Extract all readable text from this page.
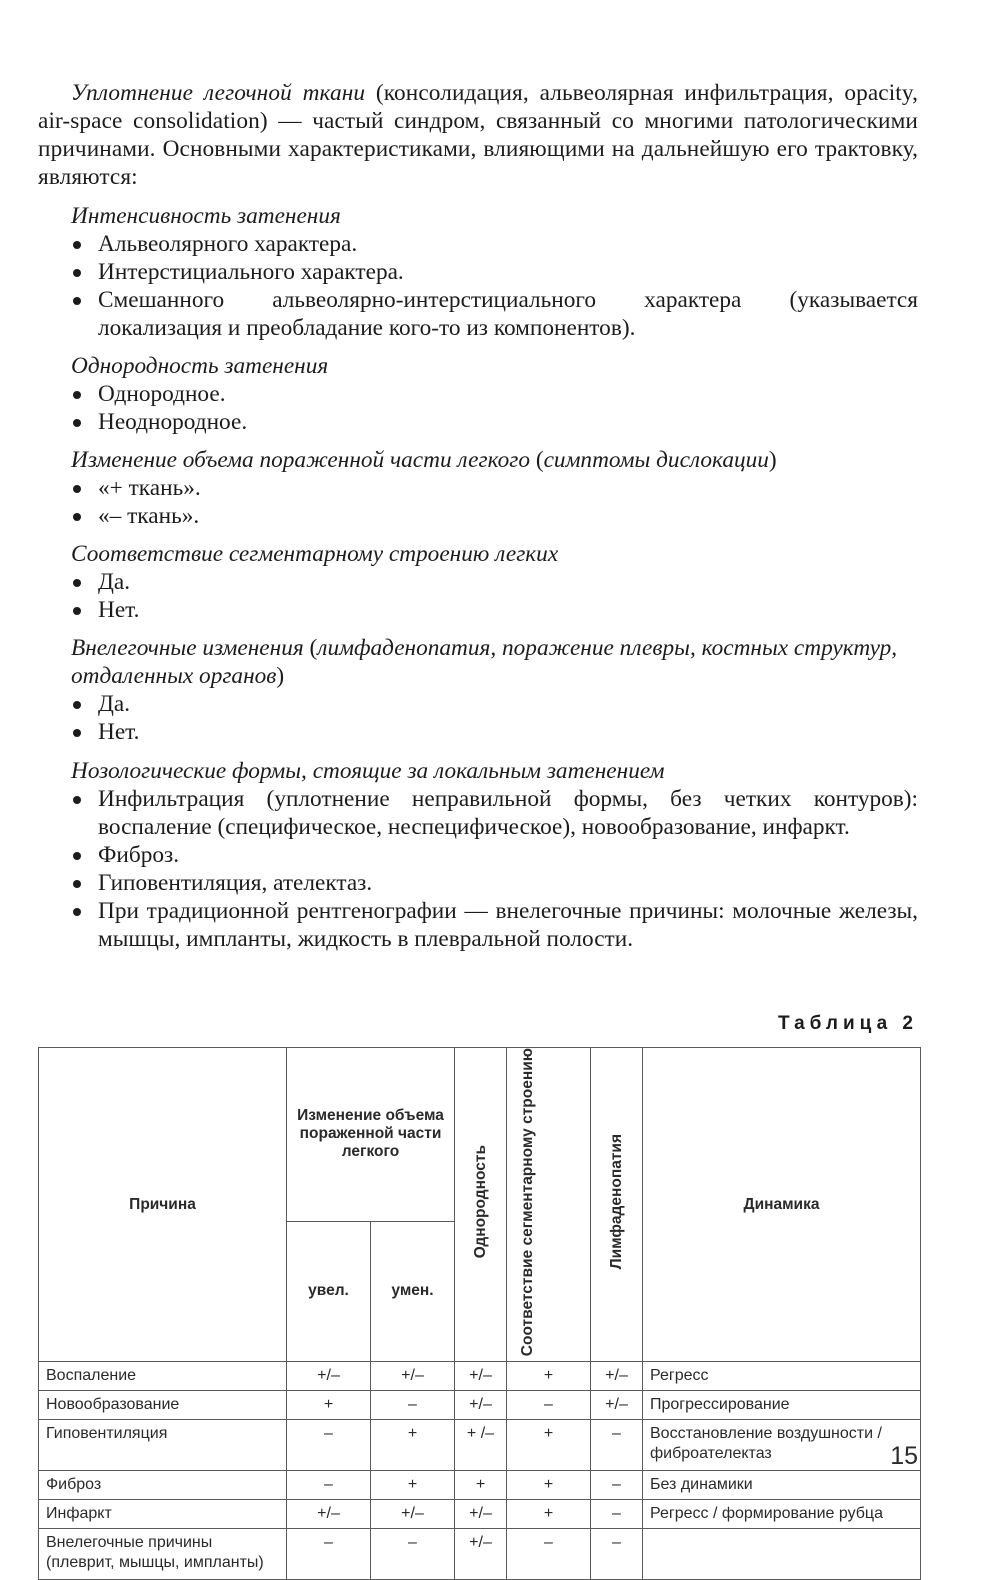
Уплотнение легочной ткани (консолидация, альвеолярная инфильтрация, opacity, air-space consolidation) — частый синдром, связанный со многими патологическими причинами. Основными характеристиками, влияющими на дальнейшую его трактовку, являются:

Интенсивность затенения
Альвеолярного характера.
Интерстициального характера.
Смешанного альвеолярно-интерстициального характера (указывается локализация и преобладание кого-то из компонентов).
Однородность затенения
Однородное.
Неоднородное.
Изменение объема пораженной части легкого (симптомы дислокации)
«+ ткань».
«– ткань».
Соответствие сегментарному строению легких
Да.
Нет.
Внелегочные изменения (лимфаденопатия, поражение плевры, костных структур, отдаленных органов)
Да.
Нет.
Нозологические формы, стоящие за локальным затенением
Инфильтрация (уплотнение неправильной формы, без четких контуров): воспаление (специфическое, неспецифическое), новообразование, инфаркт.
Фиброз.
Гиповентиляция, ателектаз.
При традиционной рентгенографии — внелегочные причины: молочные железы, мышцы, импланты, жидкость в плевральной полости.
Таблица 2
Причина	Изменение объема пораженной части легкого		Однородность	Соответствие сегментарному строению	Лимфаденопатия	Динамика
	увел.	умен.				
Воспаление	+/–	+/–	+/–	+	+/–	Регресс
Новообразование	+	–	+/–	–	+/–	Прогрессирование
Гиповентиляция	–	+	+ /–	+	–	Восстановление воздушности / фиброателектаз
Фиброз	–	+	+	+	–	Без динамики
Инфаркт	+/–	+/–	+/–	+	–	Регресс / формирование рубца
Внелегочные причины (плеврит, мышцы, импланты)	–	–	+/–	–	–	
15
